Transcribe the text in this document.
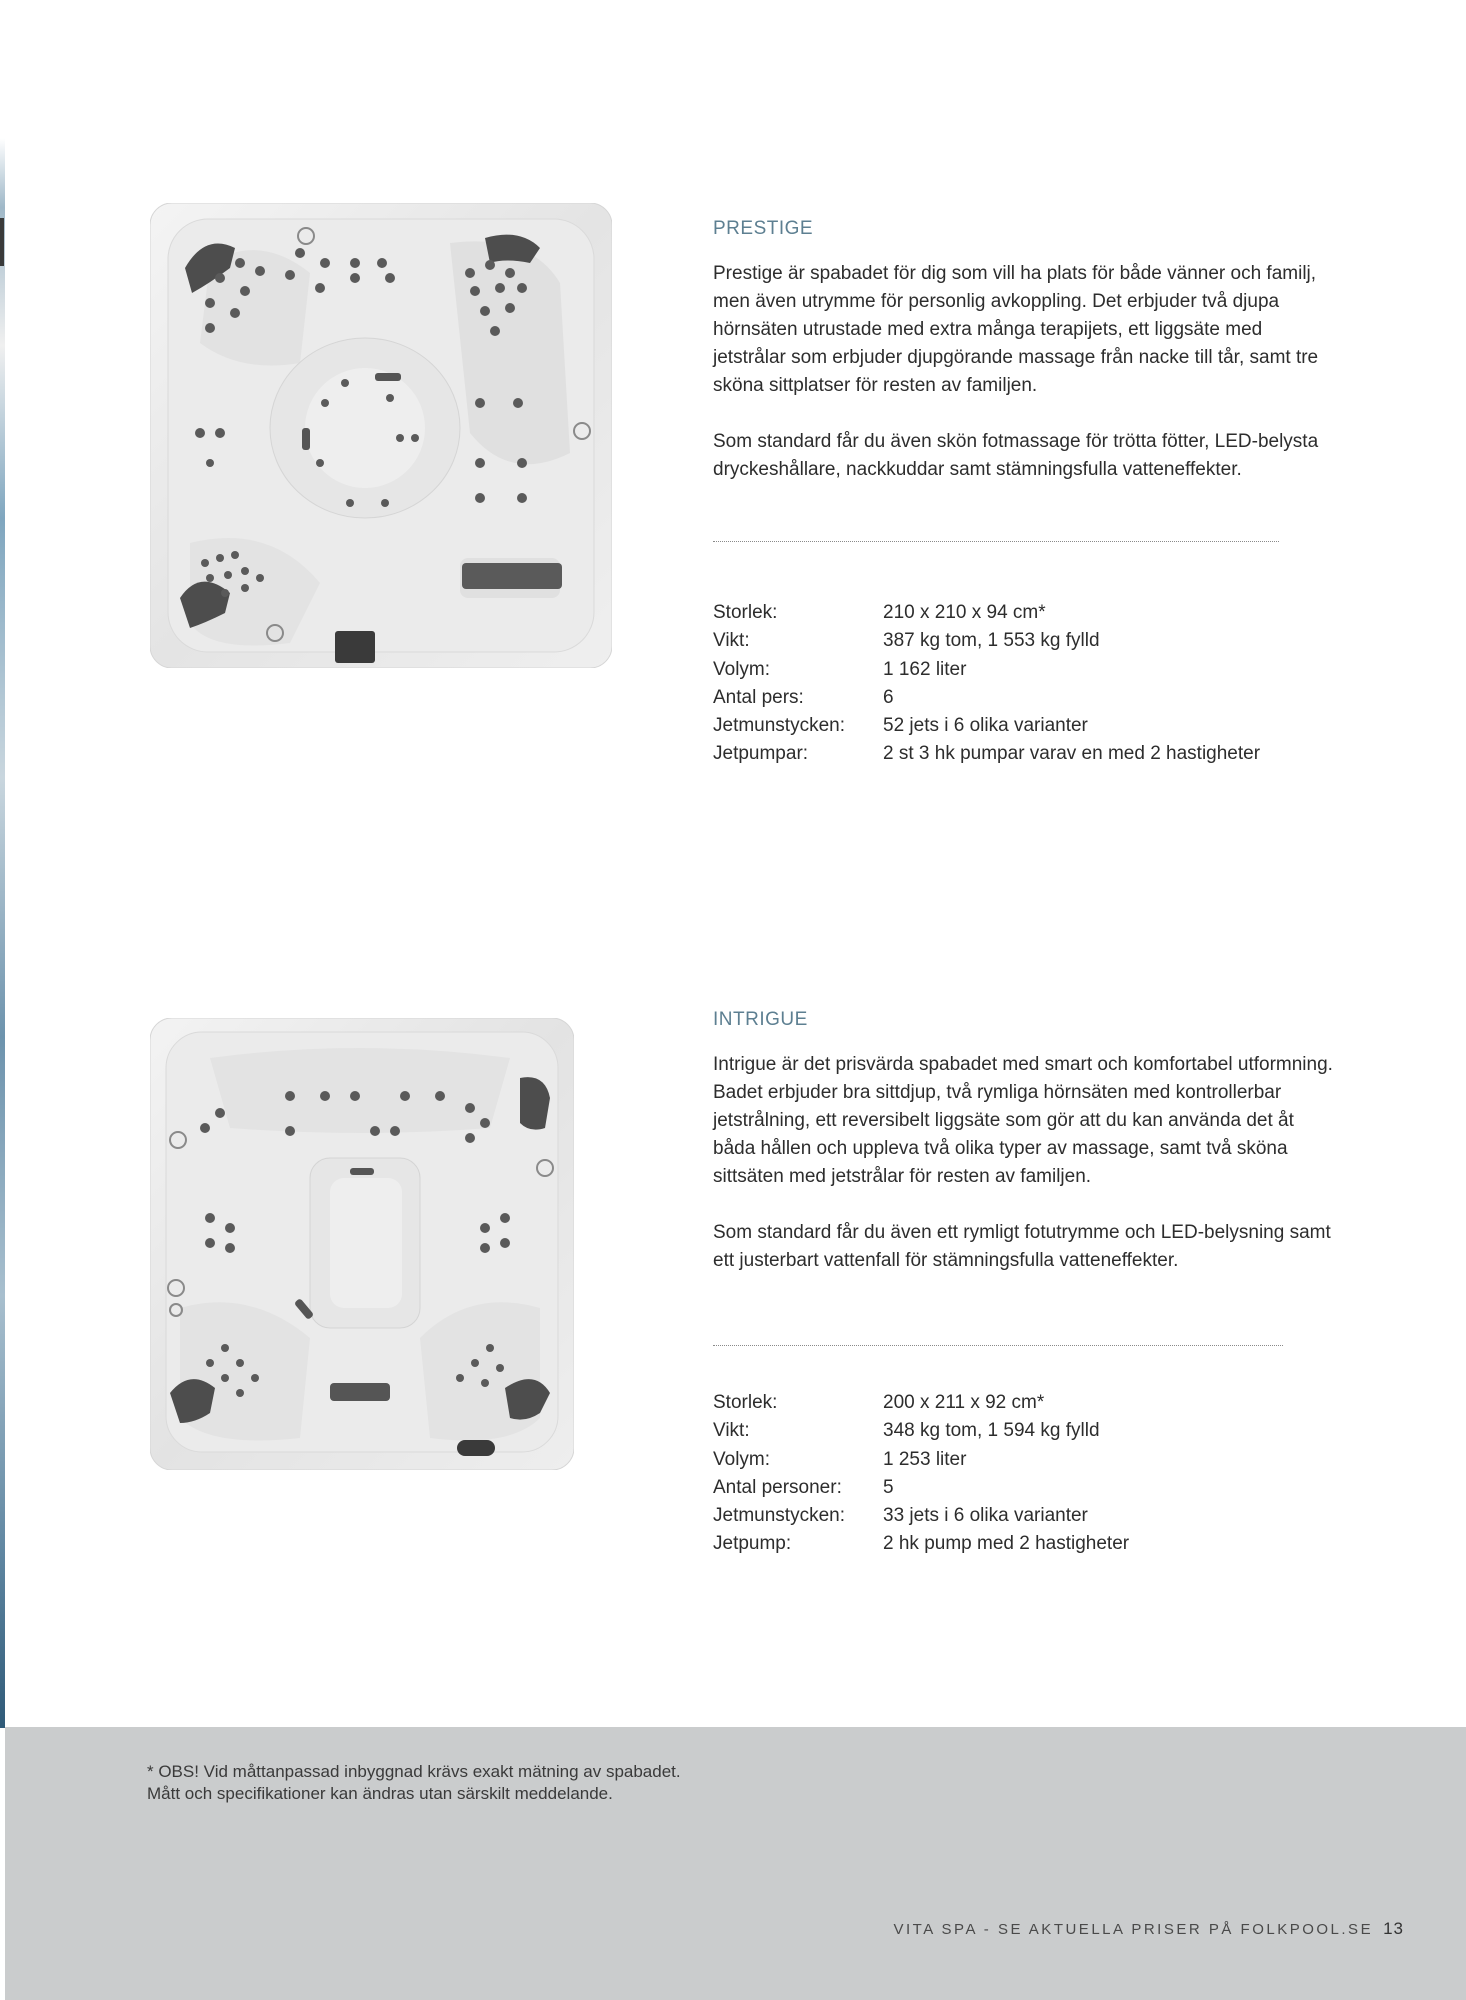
PRESTIGE

Prestige är spabadet för dig som vill ha plats för både vänner och familj, men även utrymme för personlig avkoppling. Det erbjuder två djupa hörnsäten utrustade med extra många terapijets, ett liggsäte med jetstrålar som erbjuder djupgörande massage från nacke till tår, samt tre sköna sittplatser för resten av familjen.

Som standard får du även skön fotmassage för trötta fötter, LED-belysta dryckeshållare, nackkuddar samt stämningsfulla vatteneffekter.

Storlek:	210 x 210 x 94 cm*
Vikt:	387 kg tom, 1 553 kg fylld
Volym:	1 162 liter
Antal pers:	6
Jetmunstycken:	52 jets i 6 olika varianter
Jetpumpar:	2 st 3 hk pumpar varav en med 2 hastigheter
INTRIGUE

Intrigue är det prisvärda spabadet med smart och komfortabel utformning. Badet erbjuder bra sittdjup, två rymliga hörnsäten med kontrollerbar jetstrålning, ett reversibelt liggsäte som gör att du kan använda det åt båda hållen och uppleva två olika typer av massage, samt två sköna sittsäten med jetstrålar för resten av familjen.

Som standard får du även ett rymligt fotutrymme och LED-belysning samt ett justerbart vattenfall för stämningsfulla vatteneffekter.

Storlek:	200 x 211 x 92 cm*
Vikt:	348 kg tom, 1 594 kg fylld
Volym:	1 253 liter
Antal personer:	5
Jetmunstycken:	33 jets i 6 olika varianter
Jetpump:	2 hk pump med 2 hastigheter
* OBS! Vid måttanpassad inbyggnad krävs exakt mätning av spabadet.
Mått och specifikationer kan ändras utan särskilt meddelande.
VITA SPA - SE AKTUELLA PRISER PÅ FOLKPOOL.SE 13
